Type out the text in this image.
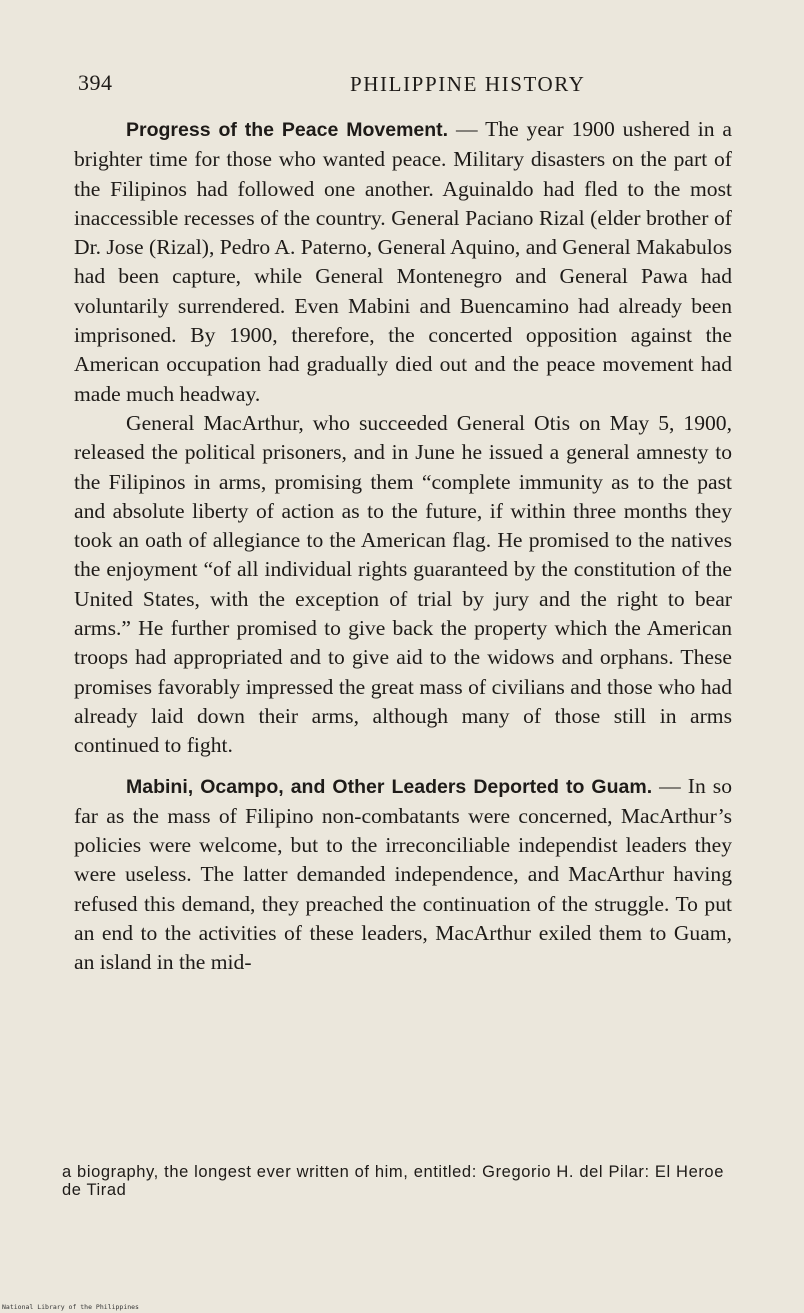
394	PHILIPPINE HISTORY

Progress of the Peace Movement. — The year 1900 ushered in a brighter time for those who wanted peace. Military disasters on the part of the Filipinos had followed one another. Aguinaldo had fled to the most inaccessible recesses of the country. General Paciano Rizal (elder brother of Dr. Jose (Rizal), Pedro A. Paterno, General Aquino, and General Makabulos had been capture, while General Montenegro and General Pawa had voluntarily surrendered. Even Mabini and Buencamino had already been imprisoned. By 1900, therefore, the concerted opposition against the American occupation had gradually died out and the peace movement had made much headway.

General MacArthur, who succeeded General Otis on May 5, 1900, released the political prisoners, and in June he issued a general amnesty to the Filipinos in arms, promising them “complete immunity as to the past and absolute liberty of action as to the future, if within three months they took an oath of allegiance to the American flag. He promised to the natives the enjoyment “of all individual rights guaranteed by the constitution of the United States, with the exception of trial by jury and the right to bear arms.” He further promised to give back the property which the American troops had appropriated and to give aid to the widows and orphans. These promises favorably impressed the great mass of civilians and those who had already laid down their arms, although many of those still in arms continued to fight.

Mabini, Ocampo, and Other Leaders Deported to Guam. — In so far as the mass of Filipino non-combatants were concerned, MacArthur’s policies were welcome, but to the irreconciliable independist leaders they were useless. The latter demanded independence, and MacArthur having refused this demand, they preached the continuation of the struggle. To put an end to the activities of these leaders, MacArthur exiled them to Guam, an island in the mid-

a biography, the longest ever written of him, entitled: Gregorio H. del Pilar: El Heroe de Tirad
National Library of the Philippines
